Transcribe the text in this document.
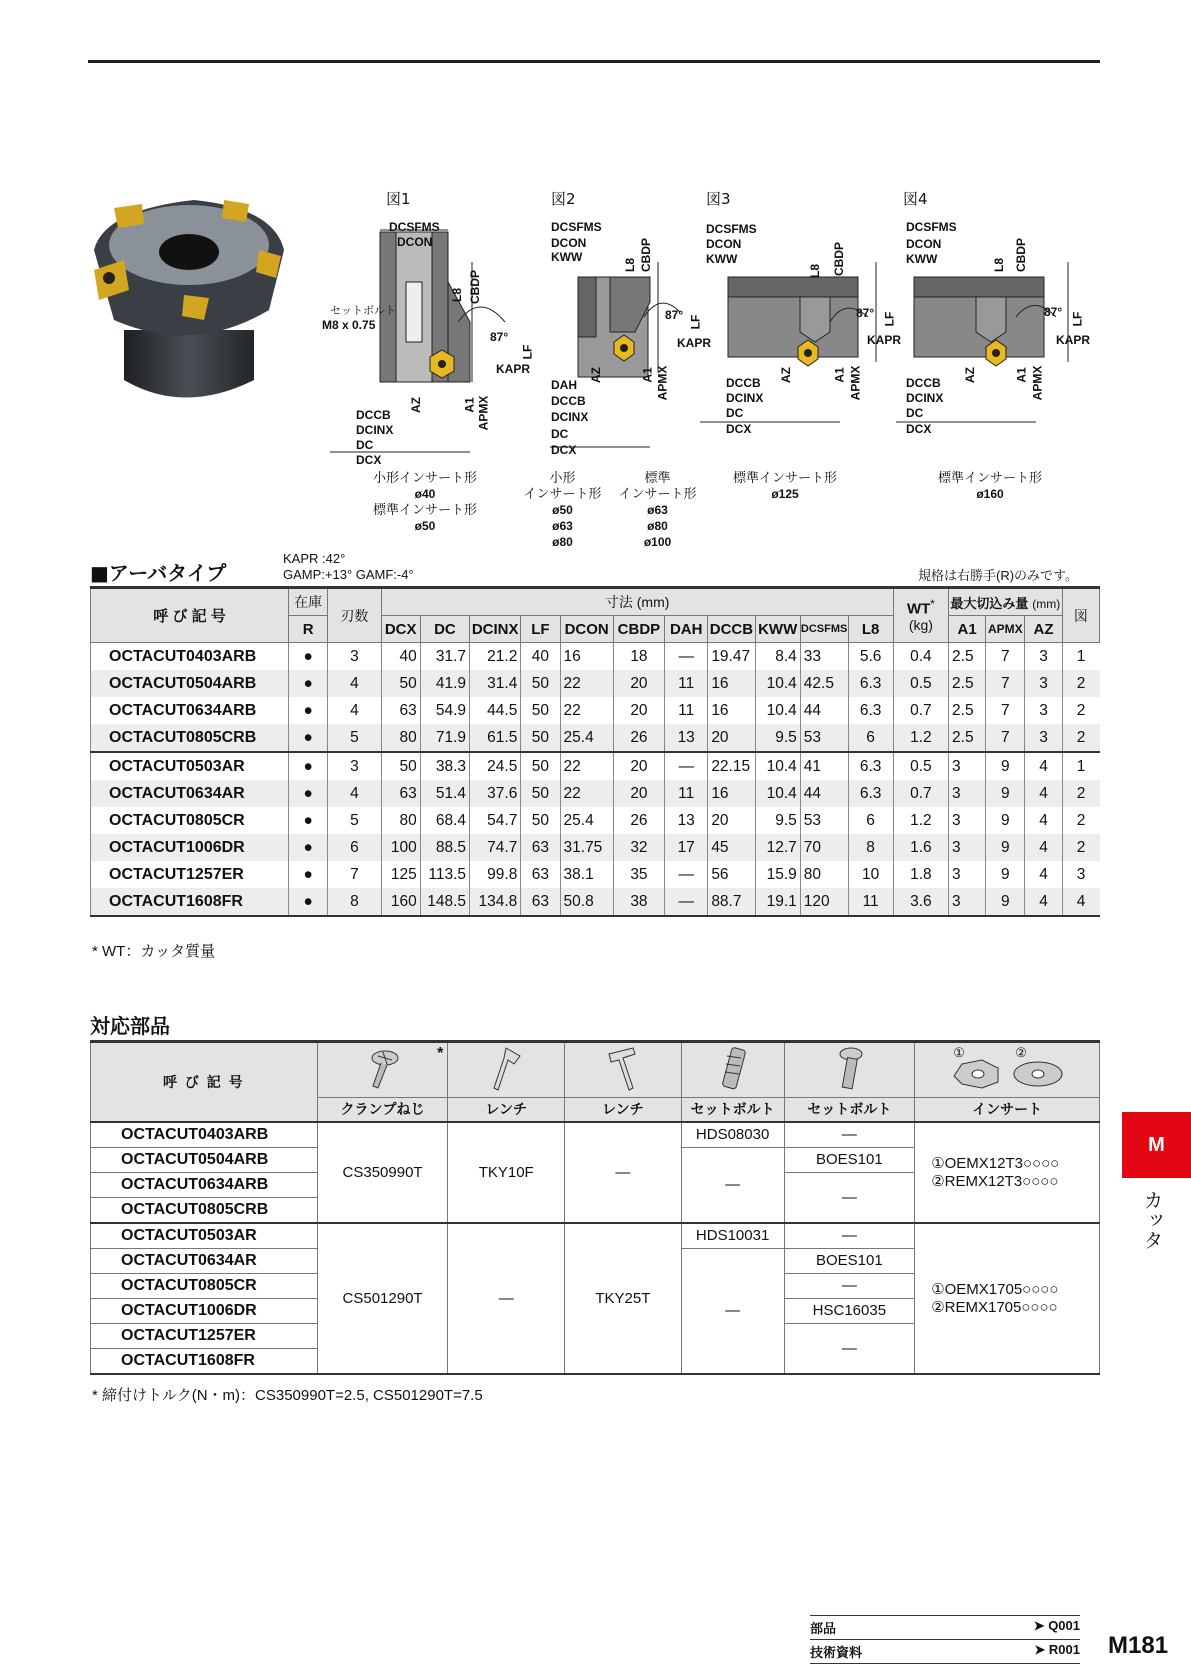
図1	図2	図3	図4
DCSFMS
DCON
L8 CBDP
87°
LF
KAPR
AZ	A1 APMX
DCCB
DCINX
DC
DCX
セットボルト
M8 x 0.75
DCSFMS
DCON
KWW
L8 CBDP
87° LF
KAPR
DAH
DCCB
DCINX
DC
DCX
AZ	A1 APMX
DCSFMS
DCON
KWW
L8 CBDP
87° LF
KAPR
DCCB
DCINX
DC
DCX
AZ	A1 APMX
DCSFMS
DCON
KWW	L8 CBDP
87° LF
KAPR
DCCB
DCINX
DC
DCX
AZ	A1 APMX
小形インサート形
ø40
標準インサート形
ø50
小形
インサート形
ø50
ø63
ø80
標準
インサート形
ø63
ø80
ø100
標準インサート形
ø125
標準インサート形
ø160
■アーバタイプ
KAPR :42°
GAMP:+13° GAMF:-4°	規格は右勝手(R)のみです。
呼 び 記 号	在庫	刃数	寸法 (mm)											WT*
(kg)	最大切込み量 (mm)			図
	R		DCX	DC	DCINX	LF	DCON	CBDP	DAH	DCCB	KWW	DCSFMS	L8		A1	APMX	AZ	
OCTACUT0403ARB	●	3	40	31.7	21.2	40	16	18	—	19.47	8.4	33	5.6	0.4	2.5	7	3	1
OCTACUT0504ARB	●	4	50	41.9	31.4	50	22	20	11	16	10.4	42.5	6.3	0.5	2.5	7	3	2
OCTACUT0634ARB	●	4	63	54.9	44.5	50	22	20	11	16	10.4	44	6.3	0.7	2.5	7	3	2
OCTACUT0805CRB	●	5	80	71.9	61.5	50	25.4	26	13	20	9.5	53	6	1.2	2.5	7	3	2
OCTACUT0503AR	●	3	50	38.3	24.5	50	22	20	—	22.15	10.4	41	6.3	0.5	3	9	4	1
OCTACUT0634AR	●	4	63	51.4	37.6	50	22	20	11	16	10.4	44	6.3	0.7	3	9	4	2
OCTACUT0805CR	●	5	80	68.4	54.7	50	25.4	26	13	20	9.5	53	6	1.2	3	9	4	2
OCTACUT1006DR	●	6	100	88.5	74.7	63	31.75	32	17	45	12.7	70	8	1.6	3	9	4	2
OCTACUT1257ER	●	7	125	113.5	99.8	63	38.1	35	—	56	15.9	80	10	1.8	3	9	4	3
OCTACUT1608FR	●	8	160	148.5	134.8	63	50.8	38	—	88.7	19.1	120	11	3.6	3	9	4	4
* WT：カッタ質量
対応部品
呼 び 記 号	*					① ②

	クランプねじ	レンチ	レンチ	セットボルト	セットボルト	インサート
OCTACUT0403ARB	CS350990T	TKY10F	—	HDS08030	—	①OEMX12T3○○○○
②REMX12T3○○○○

OCTACUT0504ARB				—	BOES101	
OCTACUT0634ARB					—	
OCTACUT0805CRB						
OCTACUT0503AR	CS501290T	—	TKY25T	HDS10031	—	①OEMX1705○○○○
②REMX1705○○○○

OCTACUT0634AR				—	BOES101	
OCTACUT0805CR					—	
OCTACUT1006DR					HSC16035	
OCTACUT1257ER					—	
OCTACUT1608FR						
* 締付けトルク(N・m)：CS350990T=2.5, CS501290T=7.5
M
カッタ
部品	➤ Q001
技術資料	➤ R001 M181
